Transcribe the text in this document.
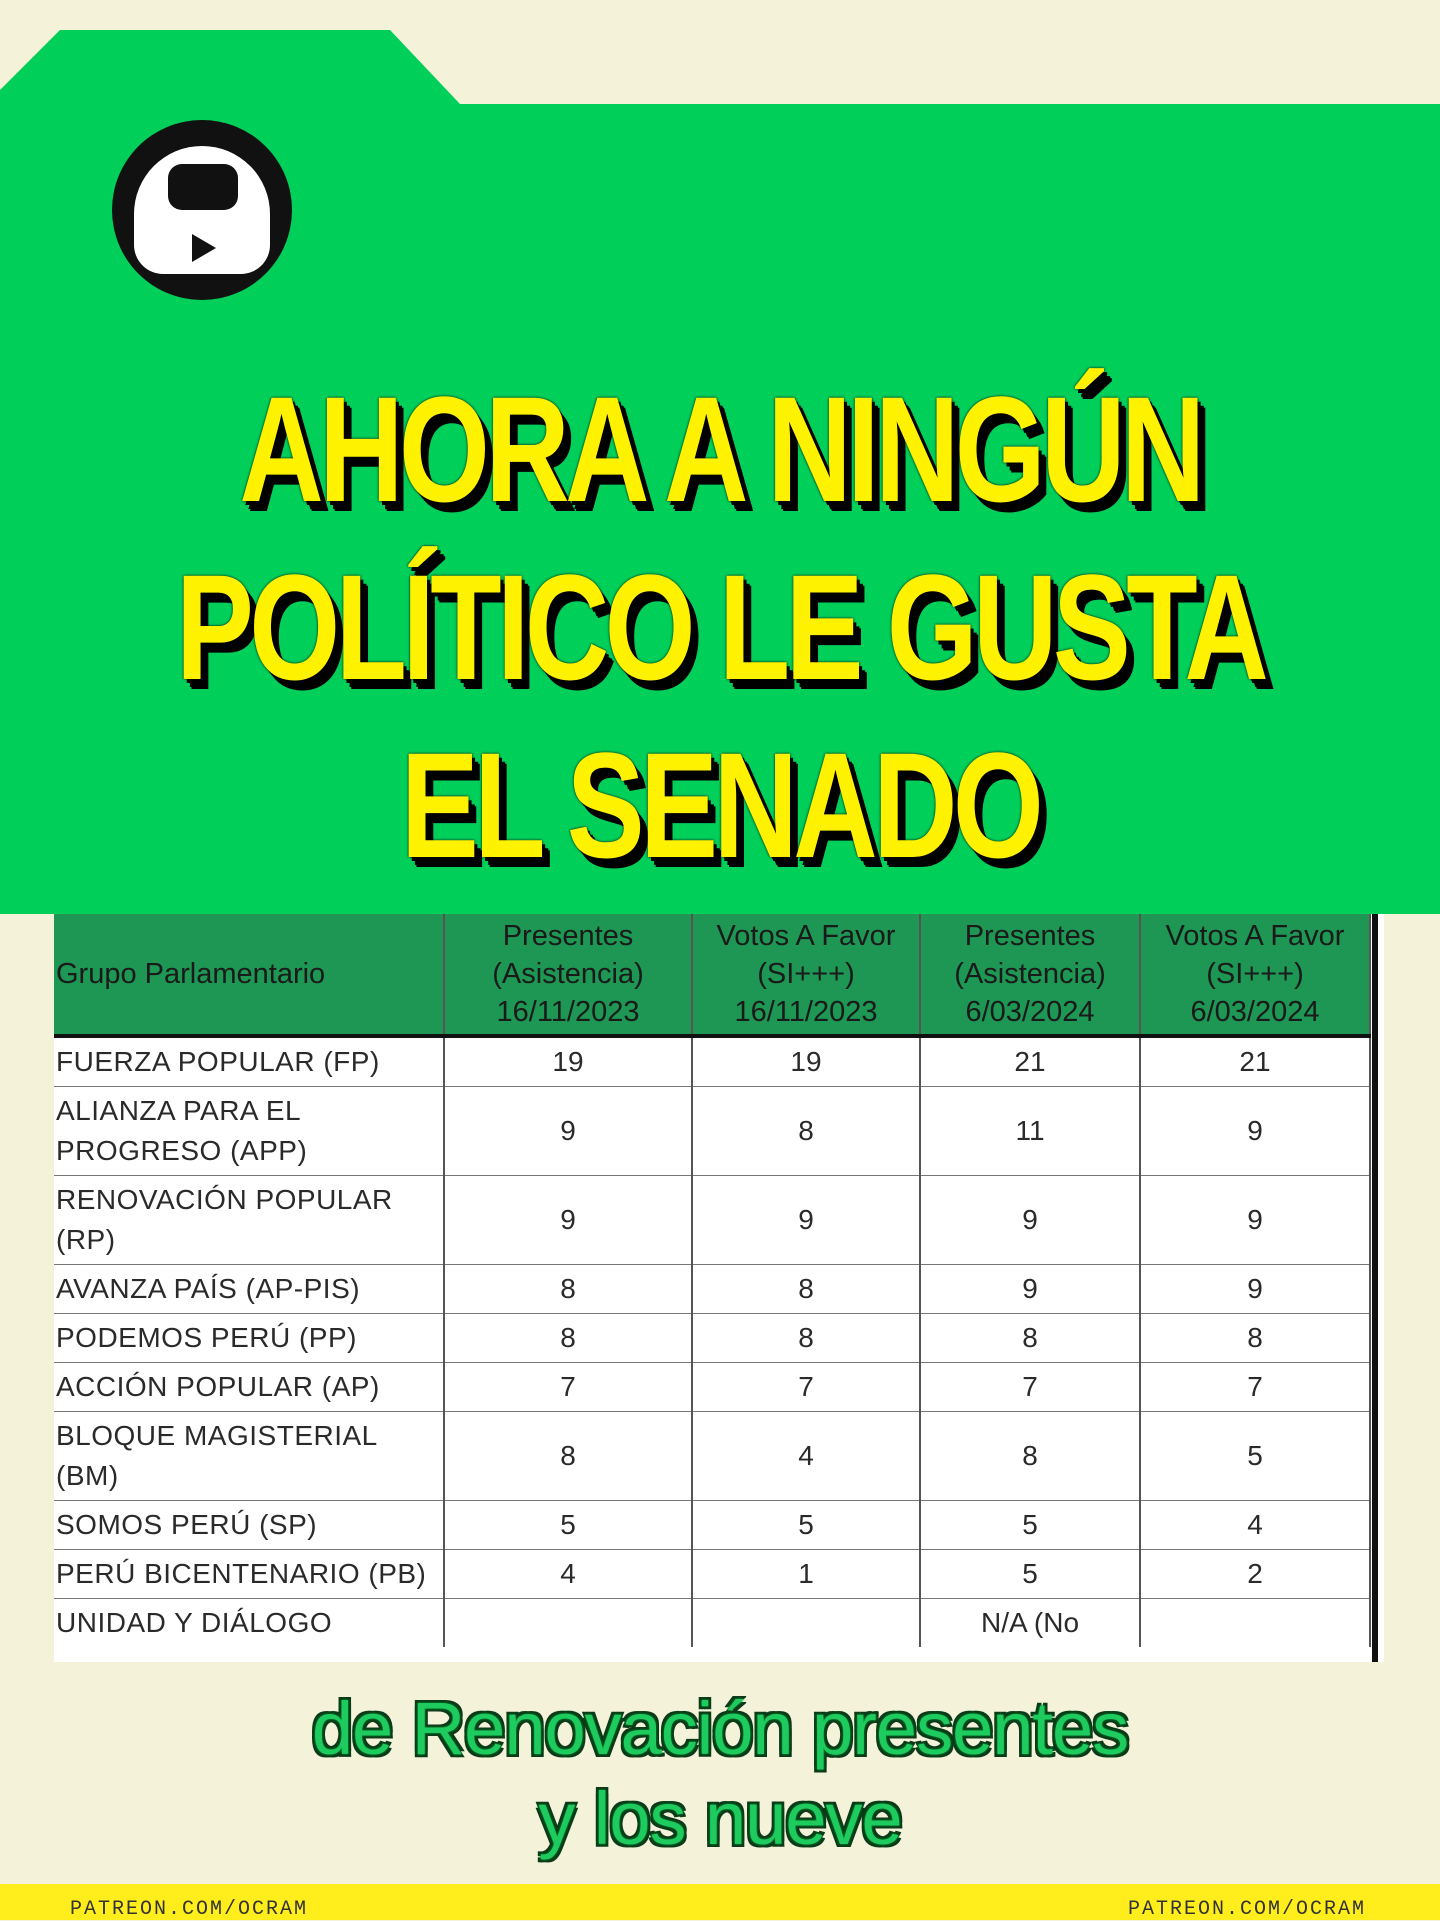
AHORA A NINGÚN
POLÍTICO LE GUSTA
EL SENADO
Grupo Parlamentario	Presentes (Asistencia) 16/11/2023	Votos A Favor (SI+++) 16/11/2023	Presentes (Asistencia) 6/03/2024	Votos A Favor (SI+++) 6/03/2024
FUERZA POPULAR (FP)	19	19	21	21
ALIANZA PARA EL PROGRESO (APP)	9	8	11	9
RENOVACIÓN POPULAR (RP)	9	9	9	9
AVANZA PAÍS (AP-PIS)	8	8	9	9
PODEMOS PERÚ (PP)	8	8	8	8
ACCIÓN POPULAR (AP)	7	7	7	7
BLOQUE MAGISTERIAL (BM)	8	4	8	5
SOMOS PERÚ (SP)	5	5	5	4
PERÚ BICENTENARIO (PB)	4	1	5	2
UNIDAD Y DIÁLOGO			N/A (No	
de Renovación presentes
y los nueve
PATREON.COM/OCRAM	PATREON.COM/OCRAM
